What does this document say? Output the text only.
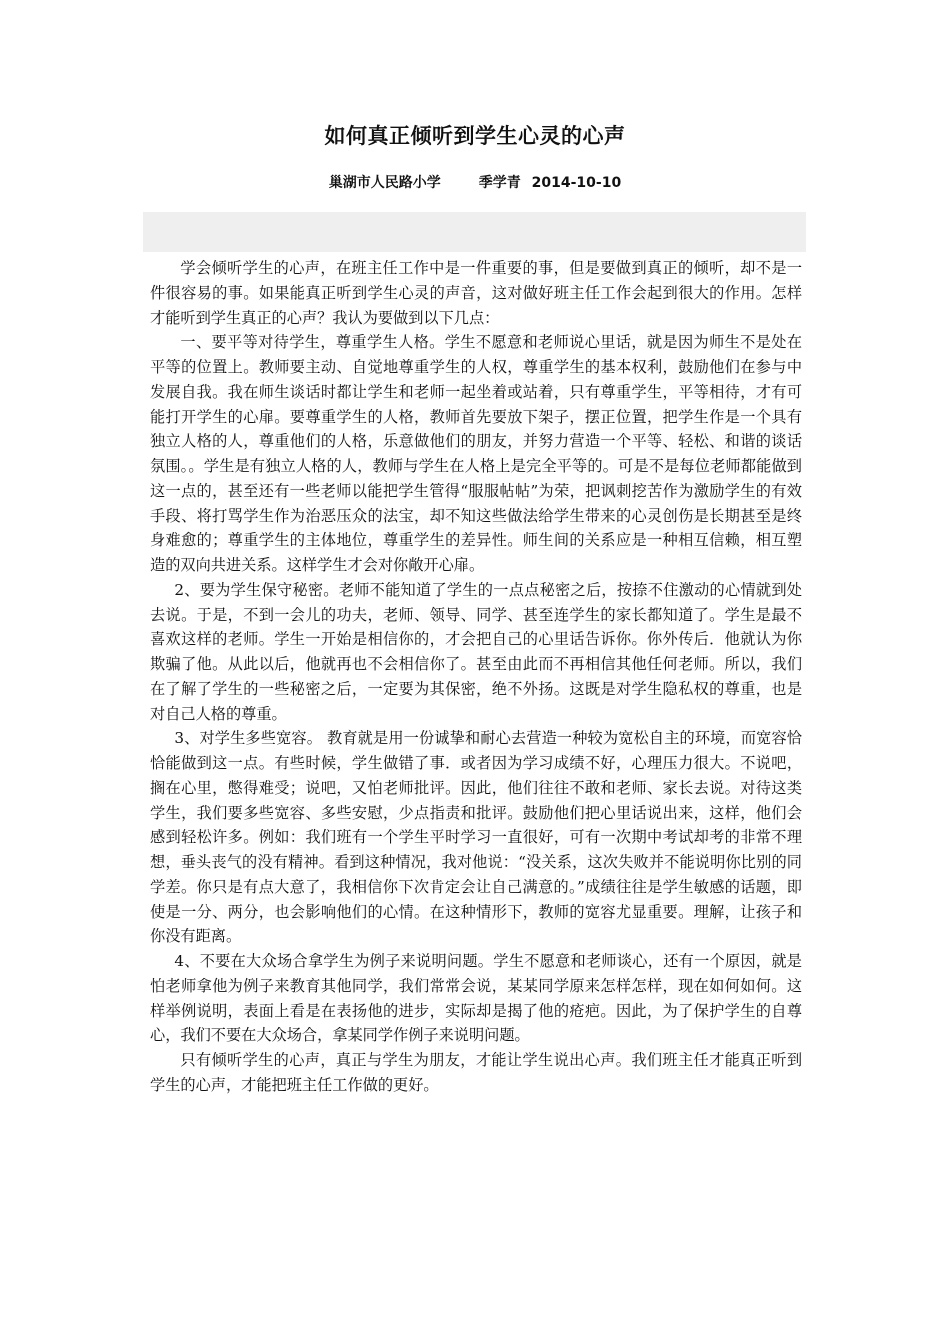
如何真正倾听到学生心灵的心声
巢湖市人民路小学	季学青 2014-10-10

学会倾听学生的心声，在班主任工作中是一件重要的事，但是要做到真正的倾听，却不是一件很容易的事。如果能真正听到学生心灵的声音，这对做好班主任工作会起到很大的作用。怎样才能听到学生真正的心声？我认为要做到以下几点：

一、要平等对待学生，尊重学生人格。学生不愿意和老师说心里话，就是因为师生不是处在平等的位置上。教师要主动、自觉地尊重学生的人权，尊重学生的基本权利，鼓励他们在参与中发展自我。我在师生谈话时都让学生和老师一起坐着或站着，只有尊重学生，平等相待，才有可能打开学生的心扉。要尊重学生的人格，教师首先要放下架子，摆正位置，把学生作是一个具有独立人格的人，尊重他们的人格，乐意做他们的朋友，并努力营造一个平等、轻松、和谐的谈话氛围。。学生是有独立人格的人，教师与学生在人格上是完全平等的。可是不是每位老师都能做到这一点的，甚至还有一些老师以能把学生管得“服服帖帖”为荣，把讽刺挖苦作为激励学生的有效手段、将打骂学生作为治恶压众的法宝，却不知这些做法给学生带来的心灵创伤是长期甚至是终身难愈的；尊重学生的主体地位，尊重学生的差异性。师生间的关系应是一种相互信赖，相互塑造的双向共进关系。这样学生才会对你敞开心扉。

2、要为学生保守秘密。老师不能知道了学生的一点点秘密之后，按捺不住激动的心情就到处去说。于是，不到一会儿的功夫，老师、领导、同学、甚至连学生的家长都知道了。学生是最不喜欢这样的老师。学生一开始是相信你的，才会把自己的心里话告诉你。你外传后．他就认为你欺骗了他。从此以后，他就再也不会相信你了。甚至由此而不再相信其他任何老师。所以，我们在了解了学生的一些秘密之后，一定要为其保密，绝不外扬。这既是对学生隐私权的尊重，也是对自己人格的尊重。

3、对学生多些宽容。 教育就是用一份诚挚和耐心去营造一种较为宽松自主的环境，而宽容恰恰能做到这一点。有些时候，学生做错了事．或者因为学习成绩不好，心理压力很大。不说吧，搁在心里，憋得难受；说吧，又怕老师批评。因此，他们往往不敢和老师、家长去说。对待这类学生，我们要多些宽容、多些安慰，少点指责和批评。鼓励他们把心里话说出来，这样，他们会感到轻松许多。例如：我们班有一个学生平时学习一直很好，可有一次期中考试却考的非常不理想，垂头丧气的没有精神。看到这种情况，我对他说：“没关系，这次失败并不能说明你比别的同学差。你只是有点大意了，我相信你下次肯定会让自己满意的。”成绩往往是学生敏感的话题，即使是一分、两分，也会影响他们的心情。在这种情形下，教师的宽容尤显重要。理解，让孩子和你没有距离。

4、不要在大众场合拿学生为例子来说明问题。学生不愿意和老师谈心，还有一个原因，就是怕老师拿他为例子来教育其他同学，我们常常会说，某某同学原来怎样怎样，现在如何如何。这样举例说明，表面上看是在表扬他的进步，实际却是揭了他的疮疤。因此，为了保护学生的自尊心，我们不要在大众场合，拿某同学作例子来说明问题。

只有倾听学生的心声，真正与学生为朋友，才能让学生说出心声。我们班主任才能真正听到学生的心声，才能把班主任工作做的更好。
